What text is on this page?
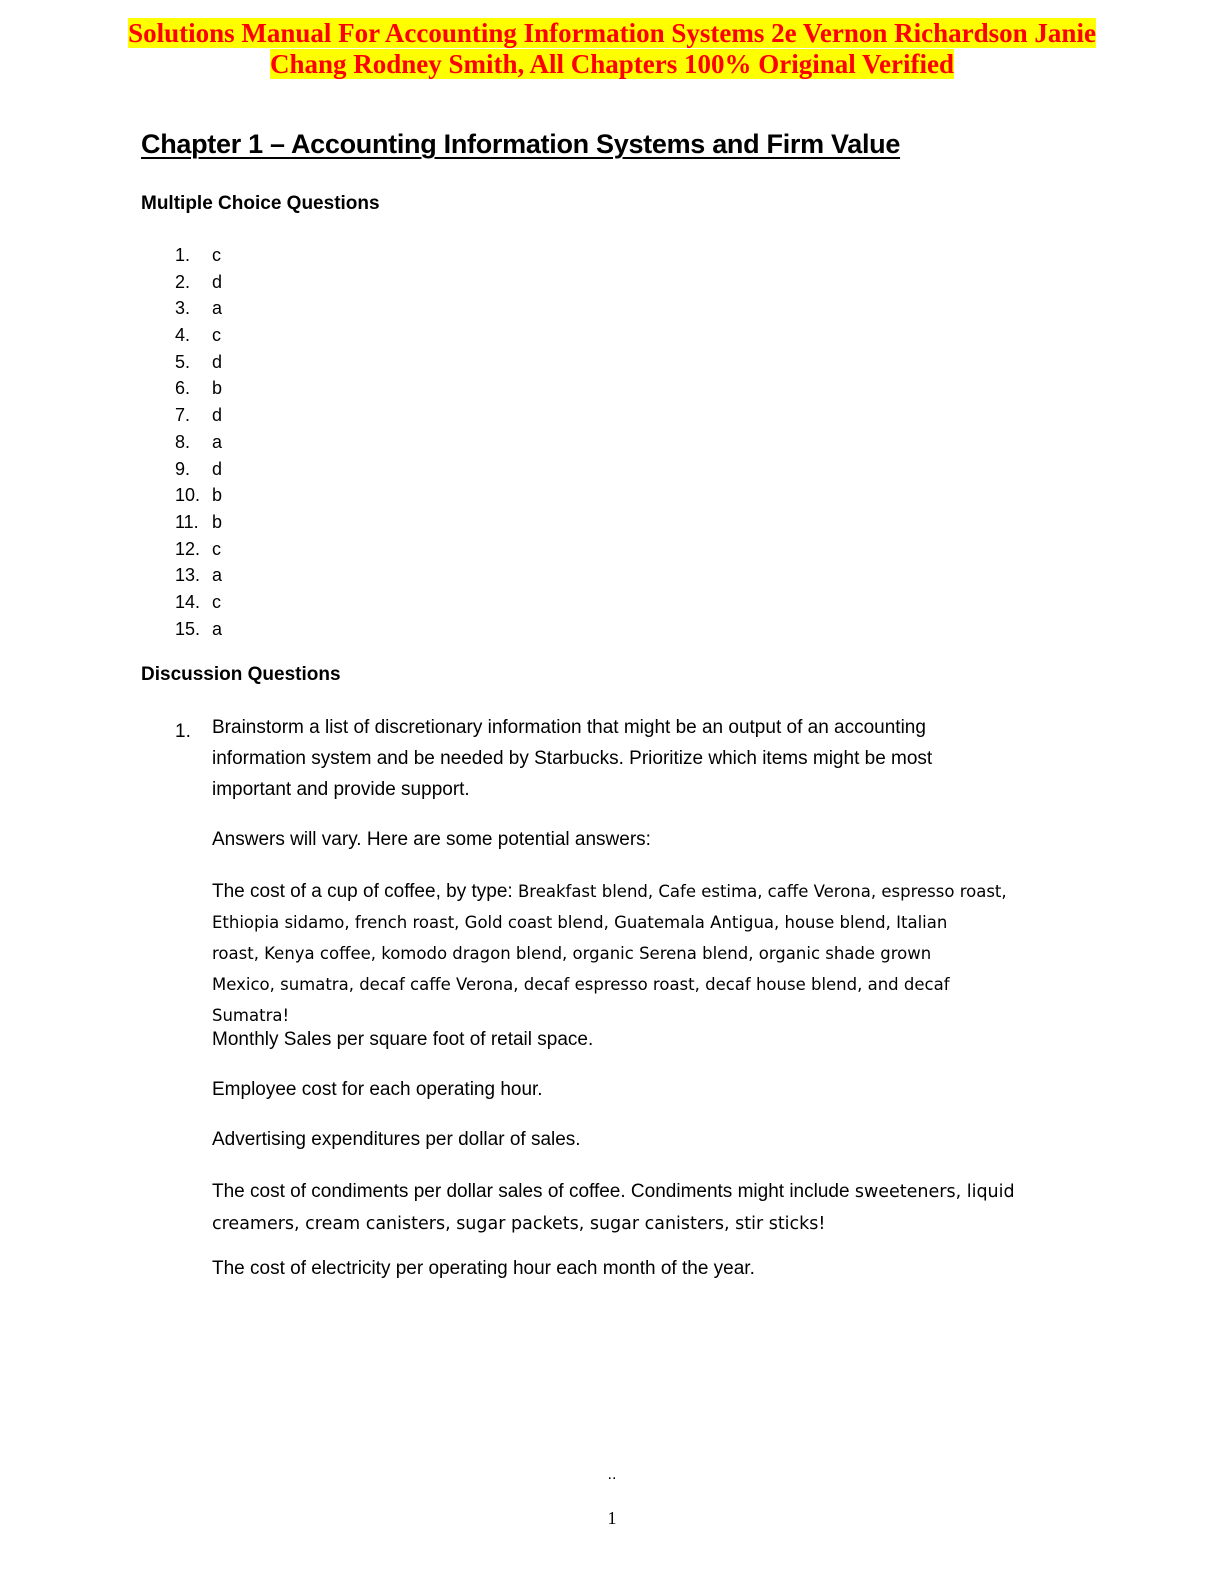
Solutions Manual For Accounting Information Systems 2e Vernon Richardson Janie
Chang Rodney Smith, All Chapters 100% Original Verified
Chapter 1 – Accounting Information Systems and Firm Value
Multiple Choice Questions
1. c
2. d
3. a
4. c
5. d
6. b
7. d
8. a
9. d
10. b
11. b
12. c
13. a
14. c
15. a
Discussion Questions
1. Brainstorm a list of discretionary information that might be an output of an accounting
information system and be needed by Starbucks. Prioritize which items might be most
important and provide support.

Answers will vary. Here are some potential answers:

The cost of a cup of coffee, by type: Breakfast blend, Cafe estima, caffe Verona, espresso roast,
Ethiopia sidamo, french roast, Gold coast blend, Guatemala Antigua, house blend, Italian
roast, Kenya coffee, komodo dragon blend, organic Serena blend, organic shade grown
Mexico, sumatra, decaf caffe Verona, decaf espresso roast, decaf house blend, and decaf
Sumatra!

Monthly Sales per square foot of retail space.

Employee cost for each operating hour.

Advertising expenditures per dollar of sales.

The cost of condiments per dollar sales of coffee. Condiments might include sweeteners, liquid
creamers, cream canisters, sugar packets, sugar canisters, stir sticks!

The cost of electricity per operating hour each month of the year.

..
1
